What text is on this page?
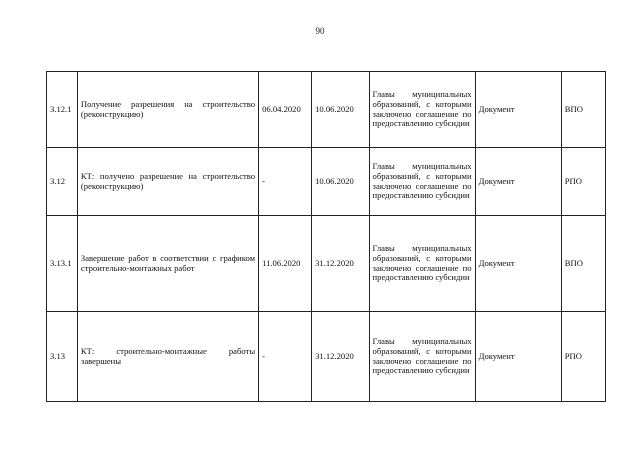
90
3.12.1	Получение разрешения на строительство (реконструкцию)	06.04.2020	10.06.2020	Главы муниципальных образований, с которыми заключено соглашение по предоставлению субсидии	Документ	ВПО
3.12	КТ: получено разрешение на строительство (реконструкцию)	-	10.06.2020	Главы муниципальных образований, с которыми заключено соглашение по предоставлению субсидии	Документ	РПО
3.13.1	Завершение работ в соответствии с графиком строительно-монтажных работ	11.06.2020	31.12.2020	Главы муниципальных образований, с которыми заключено соглашение по предоставлению субсидии	Документ	ВПО
3.13	КТ: строительно-монтажные работы завершены	-	31.12.2020	Главы муниципальных образований, с которыми заключено соглашение по предоставлению субсидии	Документ	РПО
